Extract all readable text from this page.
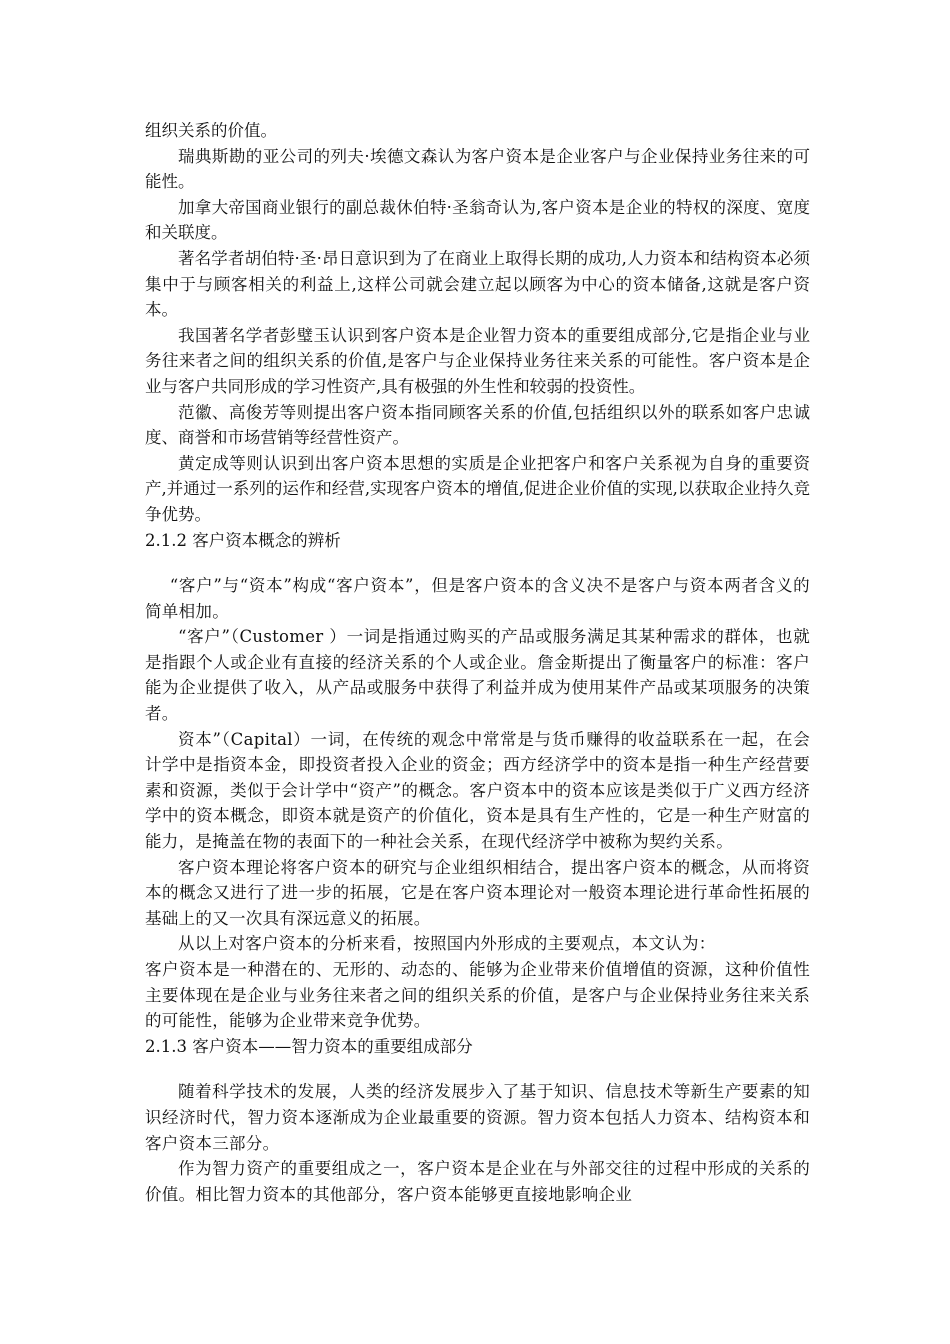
组织关系的价值。

瑞典斯勘的亚公司的列夫·埃德文森认为客户资本是企业客户与企业保持业务往来的可能性。

加拿大帝国商业银行的副总裁休伯特·圣翁奇认为,客户资本是企业的特权的深度、宽度和关联度。

著名学者胡伯特·圣·昂日意识到为了在商业上取得长期的成功,人力资本和结构资本必须集中于与顾客相关的利益上,这样公司就会建立起以顾客为中心的资本储备,这就是客户资本。

我国著名学者彭璧玉认识到客户资本是企业智力资本的重要组成部分,它是指企业与业务往来者之间的组织关系的价值,是客户与企业保持业务往来关系的可能性。客户资本是企业与客户共同形成的学习性资产,具有极强的外生性和较弱的投资性。

范徽、高俊芳等则提出客户资本指同顾客关系的价值,包括组织以外的联系如客户忠诚度、商誉和市场营销等经营性资产。

黄定成等则认识到出客户资本思想的实质是企业把客户和客户关系视为自身的重要资产,并通过一系列的运作和经营,实现客户资本的增值,促进企业价值的实现,以获取企业持久竞争优势。

2.1.2 客户资本概念的辨析

“客户”与“资本”构成“客户资本”，但是客户资本的含义决不是客户与资本两者含义的简单相加。

“客户”（Customer ）一词是指通过购买的产品或服务满足其某种需求的群体，也就是指跟个人或企业有直接的经济关系的个人或企业。詹金斯提出了衡量客户的标准：客户能为企业提供了收入，从产品或服务中获得了利益并成为使用某件产品或某项服务的决策者。

资本”（Capital）一词，在传统的观念中常常是与货币赚得的收益联系在一起，在会计学中是指资本金，即投资者投入企业的资金；西方经济学中的资本是指一种生产经营要素和资源，类似于会计学中“资产”的概念。客户资本中的资本应该是类似于广义西方经济学中的资本概念，即资本就是资产的价值化，资本是具有生产性的，它是一种生产财富的能力，是掩盖在物的表面下的一种社会关系，在现代经济学中被称为契约关系。

客户资本理论将客户资本的研究与企业组织相结合，提出客户资本的概念，从而将资本的概念又进行了进一步的拓展，它是在客户资本理论对一般资本理论进行革命性拓展的基础上的又一次具有深远意义的拓展。

从以上对客户资本的分析来看，按照国内外形成的主要观点，本文认为：

客户资本是一种潜在的、无形的、动态的、能够为企业带来价值增值的资源，这种价值性主要体现在是企业与业务往来者之间的组织关系的价值，是客户与企业保持业务往来关系的可能性，能够为企业带来竞争优势。

2.1.3 客户资本——智力资本的重要组成部分

随着科学技术的发展，人类的经济发展步入了基于知识、信息技术等新生产要素的知识经济时代，智力资本逐渐成为企业最重要的资源。智力资本包括人力资本、结构资本和客户资本三部分。

作为智力资产的重要组成之一，客户资本是企业在与外部交往的过程中形成的关系的价值。相比智力资本的其他部分，客户资本能够更直接地影响企业
